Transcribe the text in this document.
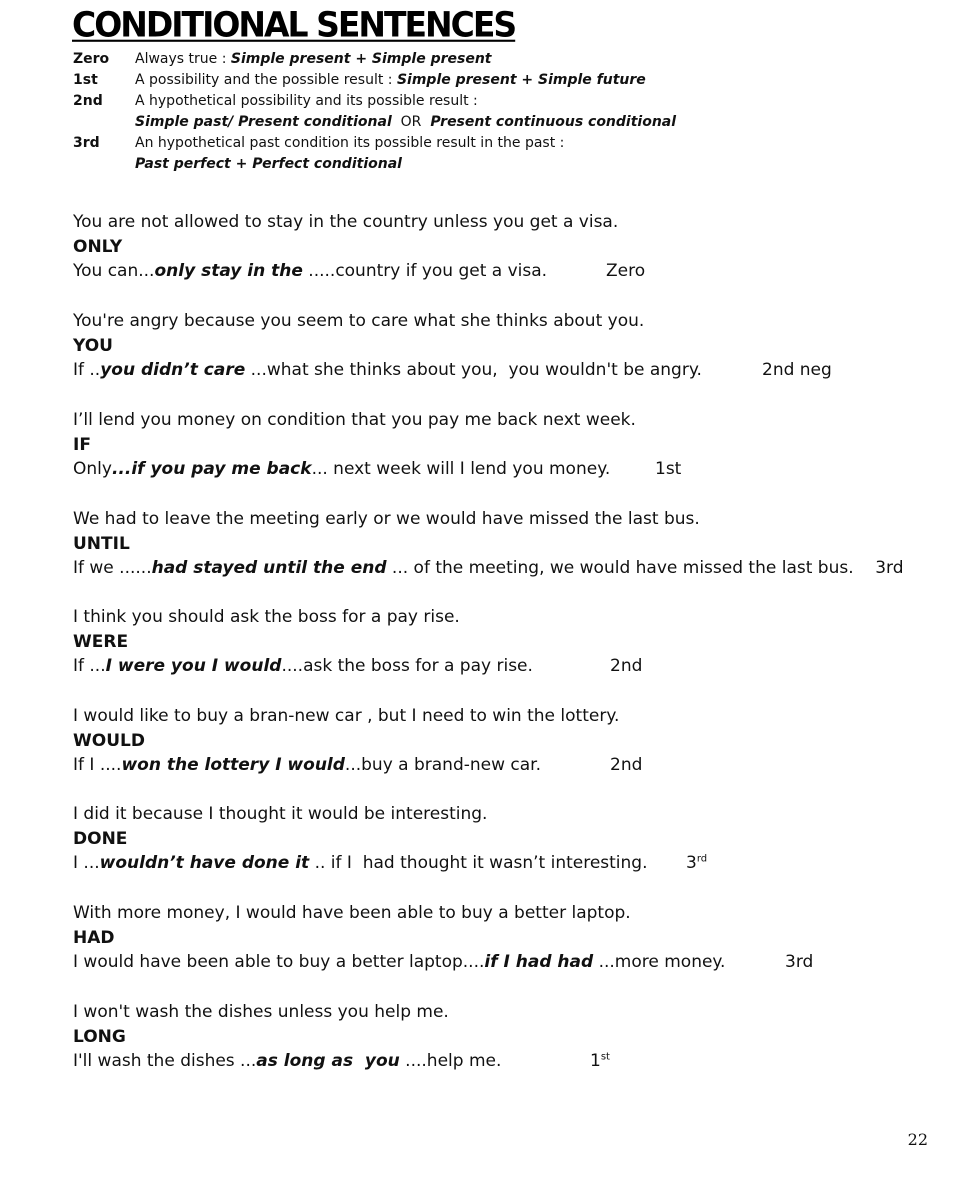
CONDITIONAL SENTENCES
Zero	Always true : Simple present + Simple present
1st	A possibility and the possible result : Simple present + Simple future
2nd	A hypothetical possibility and its possible result :
Simple past/ Present conditional OR Present continuous conditional
3rd	An hypothetical past condition its possible result in the past :
Past perfect + Perfect conditional
You are not allowed to stay in the country unless you get a visa.
ONLY
You can...only stay in the .....country if you get a visa.	Zero
You're angry because you seem to care what she thinks about you.
YOU
If ..you didn’t care ...what she thinks about you,  you wouldn't be angry.	2nd neg
I’ll lend you money on condition that you pay me back next week.
IF
Only...if you pay me back... next week will I lend you money.	1st
We had to leave the meeting early or we would have missed the last bus.
UNTIL
If we ......had stayed until the end ... of the meeting, we would have missed the last bus. 3rd
I think you should ask the boss for a pay rise.
WERE
If ...I were you I would....ask the boss for a pay rise.	2nd
I would like to buy a bran-new car , but I need to win the lottery.
WOULD
If I ....won the lottery I would...buy a brand-new car.	2nd
I did it because I thought it would be interesting.
DONE
I ...wouldn’t have done it .. if I  had thought it wasn’t interesting. 3rd
With more money, I would have been able to buy a better laptop.
HAD
I would have been able to buy a better laptop....if I had had ...more money.	3rd
I won't wash the dishes unless you help me.
LONG
I'll wash the dishes ...as long as  you ....help me.	1st
22
